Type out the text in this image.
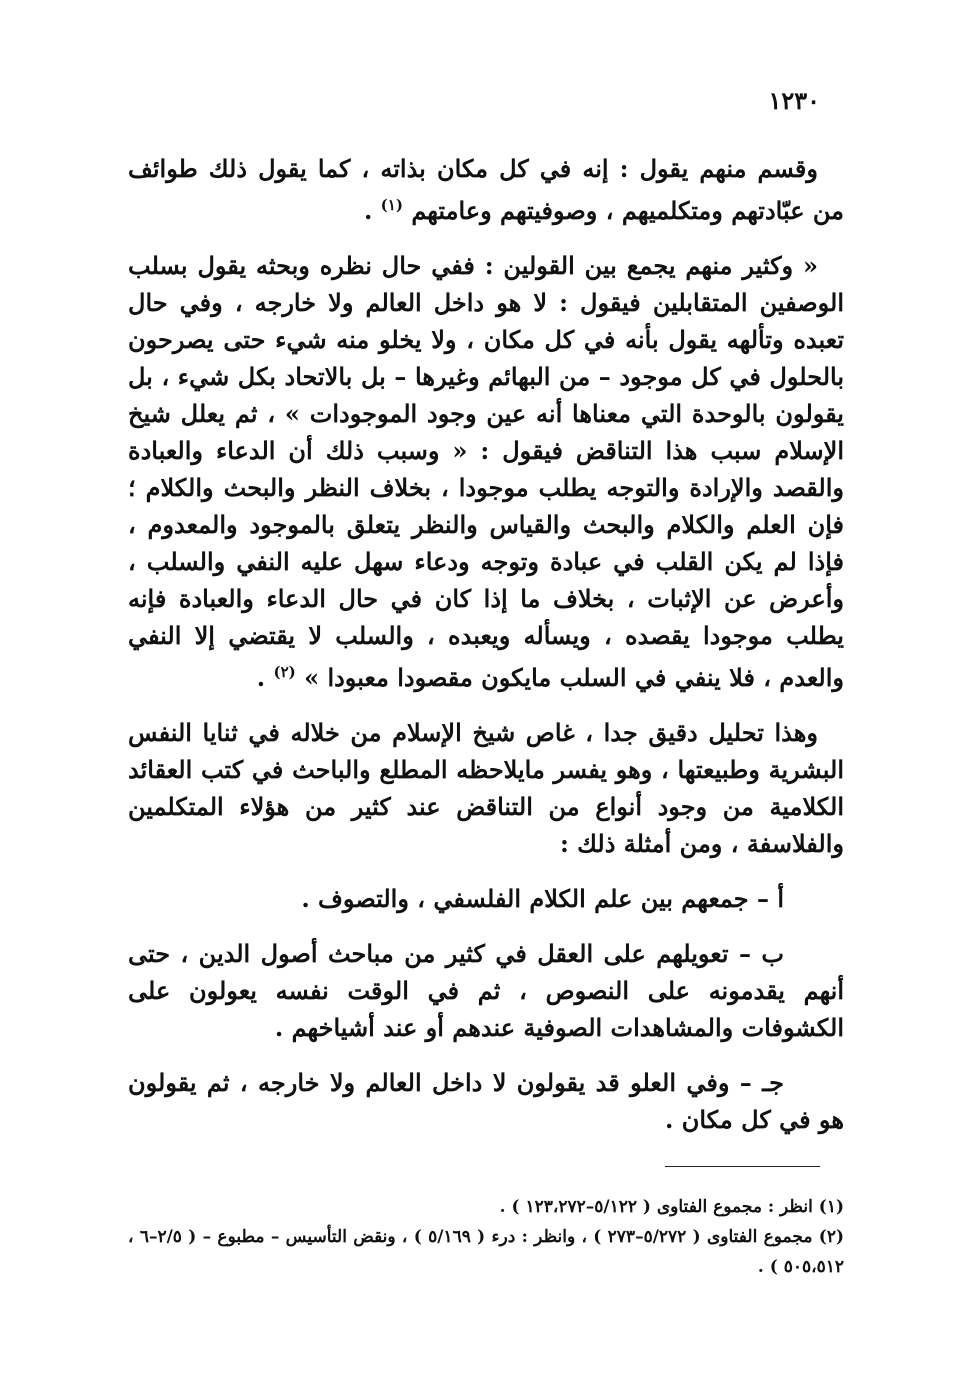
١٢٣٠

وقسم منهم يقول : إنه في كل مكان بذاته ، كما يقول ذلك طوائف من عبّادتهم ومتكلميهم ، وصوفيتهم وعامتهم $^{(١)}$ .

« وكثير منهم يجمع بين القولين : ففي حال نظره وبحثه يقول بسلب الوصفين المتقابلين فيقول : لا هو داخل العالم ولا خارجه ، وفي حال تعبده وتألهه يقول بأنه في كل مكان ، ولا يخلو منه شيء حتى يصرحون بالحلول في كل موجود – من البهائم وغيرها – بل بالاتحاد بكل شيء ، بل يقولون بالوحدة التي معناها أنه عين وجود الموجودات » ، ثم يعلل شيخ الإسلام سبب هذا التناقض فيقول : « وسبب ذلك أن الدعاء والعبادة والقصد والإرادة والتوجه يطلب موجودا ، بخلاف النظر والبحث والكلام ؛ فإن العلم والكلام والبحث والقياس والنظر يتعلق بالموجود والمعدوم ، فإذا لم يكن القلب في عبادة وتوجه ودعاء سهل عليه النفي والسلب ، وأعرض عن الإثبات ، بخلاف ما إذا كان في حال الدعاء والعبادة فإنه يطلب موجودا يقصده ، ويسأله ويعبده ، والسلب لا يقتضي إلا النفي والعدم ، فلا ينفي في السلب مايكون مقصودا معبودا » $^{(٢)}$ .

وهذا تحليل دقيق جدا ، غاص شيخ الإسلام من خلاله في ثنايا النفس البشرية وطبيعتها ، وهو يفسر مايلاحظه المطلع والباحث في كتب العقائد الكلامية من وجود أنواع من التناقض عند كثير من هؤلاء المتكلمين والفلاسفة ، ومن أمثلة ذلك :

أ – جمعهم بين علم الكلام الفلسفي ، والتصوف .

ب – تعويلهم على العقل في كثير من مباحث أصول الدين ، حتى أنهم يقدمونه على النصوص ، ثم في الوقت نفسه يعولون على الكشوفات والمشاهدات الصوفية عندهم أو عند أشياخهم .

جـ – وفي العلو قد يقولون لا داخل العالم ولا خارجه ، ثم يقولون هو في كل مكان .

(١) انظر : مجموع الفتاوى ( ٥/١٢٢–١٢٣،٢٧٢ ) .

(٢) مجموع الفتاوى ( ٥/٢٧٢–٢٧٣ ) ، وانظر : درء ( ٥/١٦٩ ) ، ونقض التأسيس – مطبوع – ( ٢/٥–٦ ، ٥٠٥،٥١٢ ) .
